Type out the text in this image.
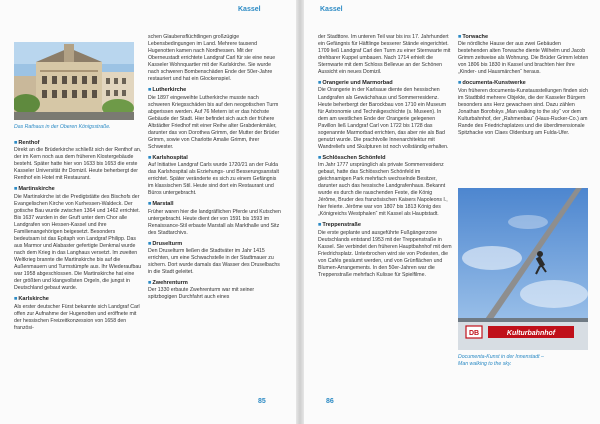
Kassel
Das Rathaus in der Oberen Königsstraße.
■Renthof

Direkt an die Brüderkirche schließt sich der Renthof an, der im Kern noch aus dem früheren Klostergebäude besteht. Später hatte hier von 1633 bis 1653 die erste Kasseler Universität ihr Domizil. Heute beherbergt der Renthof ein Hotel mit Restaurant.

■Martinskirche

Die Martinskirche ist die Predigtstätte des Bischofs der Evangelischen Kirche von Kurhessen-Waldeck. Der gotische Bau wurde zwischen 1364 und 1462 errichtet. Bis 1637 wurden in der Gruft unter dem Chor alle Landgrafen von Hessen-Kassel und ihre Familienangehörigen beigesetzt. Besonders bedeutsam ist das Epitaph von Landgraf Philipp. Das aus Marmor und Alabaster gefertigte Denkmal wurde nach dem Krieg in das Langhaus versetzt. Im zweiten Weltkrieg brannte die Martinskirche bis auf die Außenmauern und Turmstümpfe aus. Ihr Wiederaufbau war 1958 abgeschlossen. Die Martinskirche hat eine der größten und klangvollsten Orgeln, die jungst in Deutschland gebaut wurde.

■Karlskirche

Als erster deutscher Fürst bekannte sich Landgraf Carl offen zur Aufnahme der Hugenotten und eröffnete mit der hessischen Freizeitkonzession von 1658 den französi-

schen Glaubensflüchtlingen großzügige Lebensbedingungen im Land. Mehrere tausend Hugenotten kamen nach Nordhessen. Mit der Oberneustadt errichtete Landgraf Carl für sie eine neue Kasseler Wohnquartier mit der Karlskirche. Sie wurde nach schweren Bombenschäden Ende der 50er-Jahre restauriert und hat ein Glockenspiel.

■Lutherkirche

Die 1897 eingeweihte Lutherkirche musste nach schweren Kriegsschäden bis auf den neogotischen Turm abgerissen werden. Auf 76 Metern ist er das höchste Gebäude der Stadt. Hier befindet sich auch der frühere Altstädter Friedhof mit einer Reihe alter Grabdenkmäler, darunter das von Dorothea Grimm, der Mutter der Brüder Grimm, sowie von Charlotte Amalie Grimm, ihrer Schwester.

■Karlshospital

Auf Initiative Landgraf Carls wurde 1720/21 an der Fulda das Karlshospital als Erziehungs- und Besserungsanstalt errichtet. Später veränderte es sich zu einem Gefängnis im klassischen Stil. Heute sind dort ein Restaurant und Büros untergebracht.

■Marstall

Früher waren hier die landgräflichen Pferde und Kutschen untergebracht. Heute dient der von 1591 bis 1593 im Renaissance-Stil erbaute Marstall als Markthalle und Sitz des Stadtarchivs.

■Druselturm

Den Druselturm ließen die Stadtväter im Jahr 1415 errichten, um eine Schwachstelle in der Stadtmauer zu sichern. Dort wurde damals das Wasser des Druselbachs in die Stadt geleitet.

■Zwehrenturm

Der 1330 erbaute Zwehrenturm war mit seiner spitzbogigen Durchfahrt auch eines

85
Kassel

der Stadttore. Im unteren Teil war bis ins 17. Jahrhundert ein Gefängnis für Häftlinge besserer Stände eingerichtet. 1709 ließ Landgraf Carl den Turm zu einer Sternwarte mit drehbarer Kuppel umbauen. Nach 1714 erhielt die Sternwarte mit dem Schloss Bellevue an der Schönen Aussicht ein neues Domizil.

■Orangerie und Marmorbad

Die Orangerie in der Karlsaue diente den hessischen Landgrafen als Gewächshaus und Sommerresidenz. Heute beherbergt der Barockbau von 1710 ein Museum für Astronomie und Technikgeschichte (s. Museen). In dem am westlichen Ende der Orangerie gelegenen Pavillon ließ Landgraf Carl von 1722 bis 1728 das sogenannte Marmorbad errichten, das aber nie als Bad genutzt wurde. Die prachtvolle Innenarchitektur mit Wandreliefs und Skulpturen ist noch vollständig erhalten.

■Schlösschen Schönfeld

Im Jahr 1777 ursprünglich als private Sommerresidenz gebaut, hatte das Schlösschen Schönfeld im gleichnamigen Park mehrfach wechselnde Besitzer, darunter auch das hessische Landgrafenhaus. Bekannt wurde es durch die rauschenden Feste, die König Jérôme, Bruder des französischen Kaisers Napoleons I., hier feierte. Jérôme war von 1807 bis 1813 König des „Königreichs Westphalen“ mit Kassel als Hauptstadt.

■Treppenstraße

Die erste geplante und ausgeführte Fußgängerzone Deutschlands entstand 1953 mit der Treppenstraße in Kassel. Sie verbindet den früheren Hauptbahnhof mit dem Friedrichsplatz. Unterbrochen wird sie von Podesten, die von Cafés gesäumt werden, und von Grünflächen und Blumen-Arrangements. In den 50er-Jahren war die Treppenstraße mehrfach Kulisse für Spielfilme.

■Torwache

Die nördliche Hause der aus zwei Gebäuden bestehenden alten Torwache diente Wilhelm und Jacob Grimm zeitweise als Wohnung. Die Brüder Grimm lebten von 1806 bis 1830 in Kassel und brachten hier ihre „Kinder- und Hausmärchen“ heraus.

■documenta-Kunstwerke

Von früheren documenta-Kunstausstellungen finden sich im Stadtbild mehrere Objekte, die der Kasseler Bürgern besonders ans Herz gewachsen sind. Dazu zählen Jonathan Borofskys „Man walking to the sky“ vor dem Kulturbahnhof, der „Rahmenbau“ (Haus-Rucker-Co.) am Rande des Friedrichsplatzes und die überdimensionale Spitzhacke von Claes Oldenburg am Fulda-Ufer.

DB	Kulturbahnhof
Documenta-Kunst in der Innenstadt –
Man walking to the sky.
86
